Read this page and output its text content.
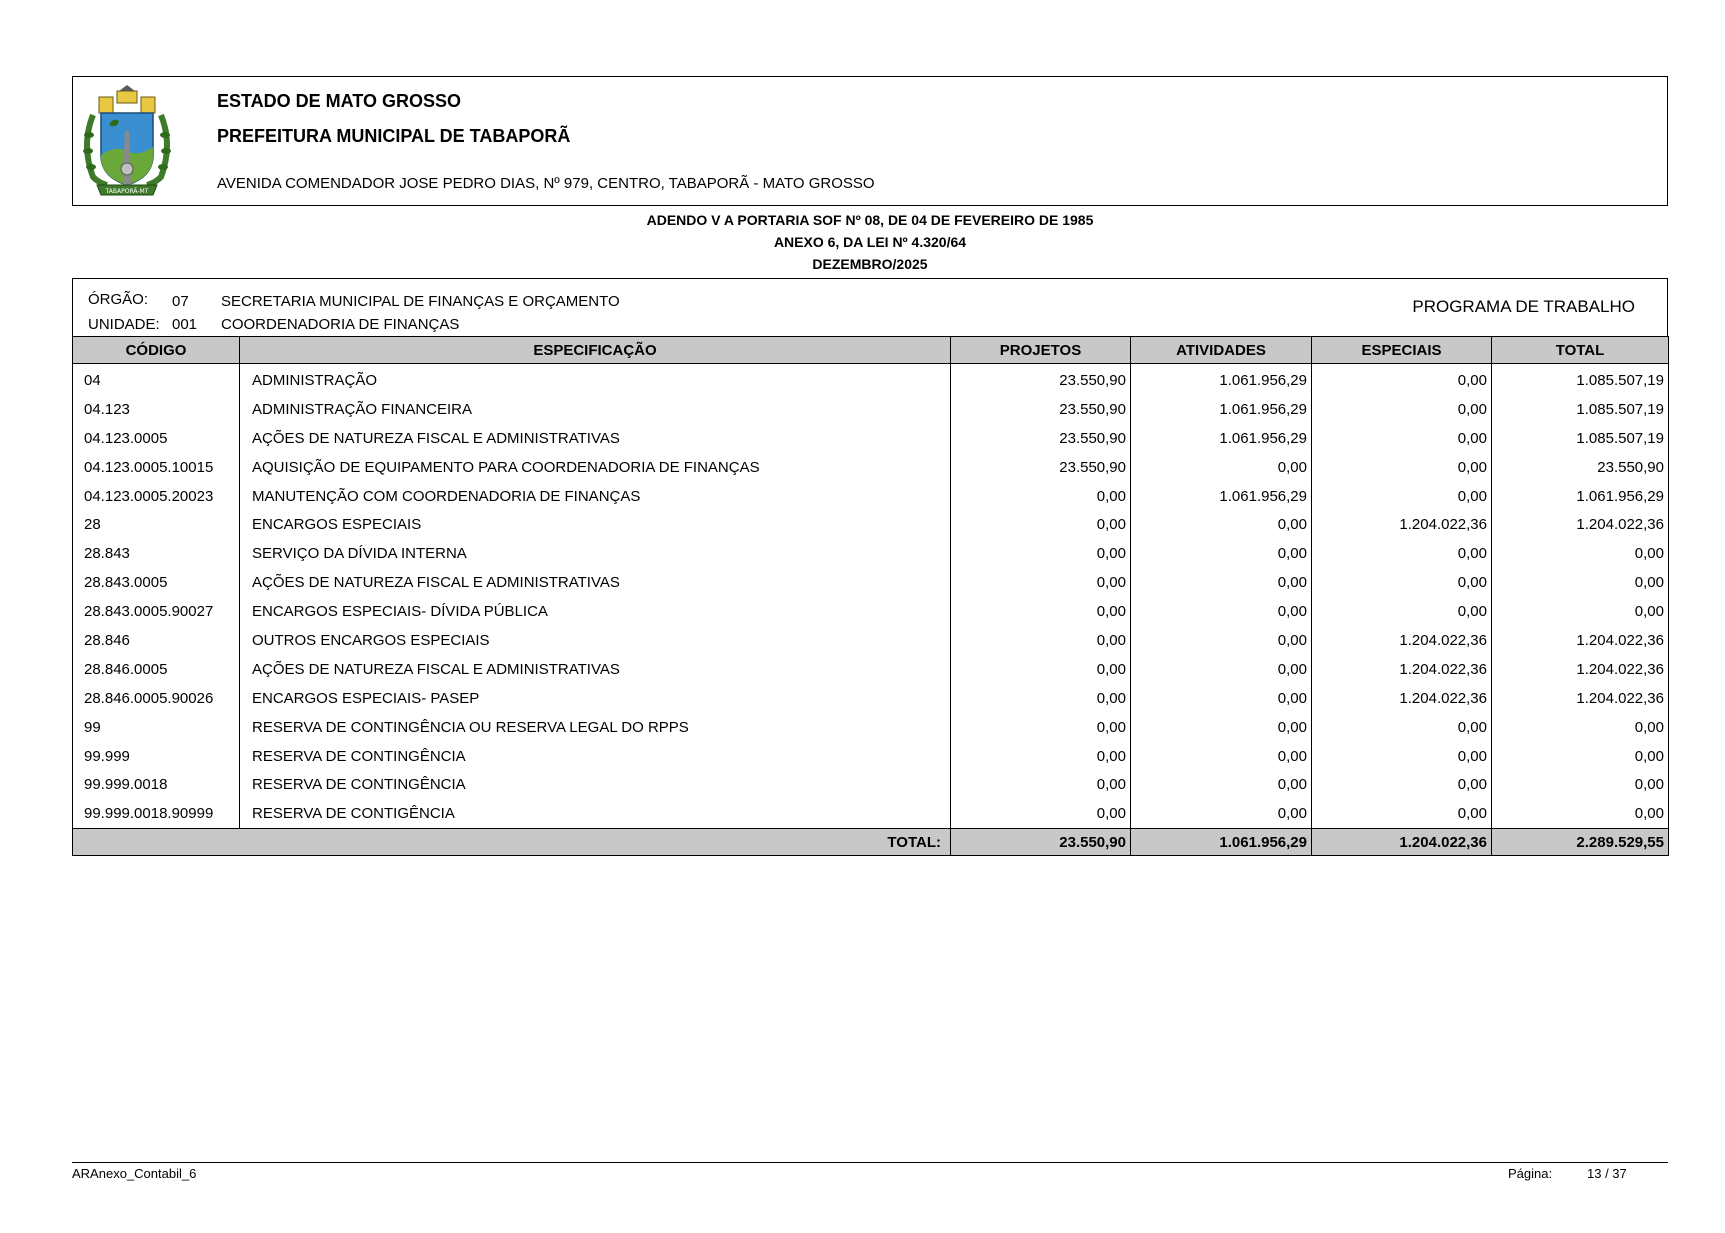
TABAPORÃ-MT
ESTADO DE MATO GROSSO
PREFEITURA MUNICIPAL DE TABAPORÃ
AVENIDA COMENDADOR JOSE PEDRO DIAS, Nº 979, CENTRO, TABAPORÃ - MATO GROSSO
ADENDO V A PORTARIA SOF Nº 08, DE 04 DE FEVEREIRO DE 1985
ANEXO 6, DA LEI Nº 4.320/64
DEZEMBRO/2025
ÓRGÃO: 07 SECRETARIA MUNICIPAL DE FINANÇAS E ORÇAMENTO
UNIDADE: 001 COORDENADORIA DE FINANÇAS
PROGRAMA DE TRABALHO
CÓDIGO	ESPECIFICAÇÃO	PROJETOS	ATIVIDADES	ESPECIAIS	TOTAL
04	ADMINISTRAÇÃO	23.550,90	1.061.956,29	0,00	1.085.507,19
04.123	ADMINISTRAÇÃO FINANCEIRA	23.550,90	1.061.956,29	0,00	1.085.507,19
04.123.0005	AÇÕES DE NATUREZA FISCAL E ADMINISTRATIVAS	23.550,90	1.061.956,29	0,00	1.085.507,19
04.123.0005.10015	AQUISIÇÃO DE EQUIPAMENTO PARA COORDENADORIA DE FINANÇAS	23.550,90	0,00	0,00	23.550,90
04.123.0005.20023	MANUTENÇÃO COM COORDENADORIA DE FINANÇAS	0,00	1.061.956,29	0,00	1.061.956,29
28	ENCARGOS ESPECIAIS	0,00	0,00	1.204.022,36	1.204.022,36
28.843	SERVIÇO DA DÍVIDA INTERNA	0,00	0,00	0,00	0,00
28.843.0005	AÇÕES DE NATUREZA FISCAL E ADMINISTRATIVAS	0,00	0,00	0,00	0,00
28.843.0005.90027	ENCARGOS ESPECIAIS- DÍVIDA PÚBLICA	0,00	0,00	0,00	0,00
28.846	OUTROS ENCARGOS ESPECIAIS	0,00	0,00	1.204.022,36	1.204.022,36
28.846.0005	AÇÕES DE NATUREZA FISCAL E ADMINISTRATIVAS	0,00	0,00	1.204.022,36	1.204.022,36
28.846.0005.90026	ENCARGOS ESPECIAIS- PASEP	0,00	0,00	1.204.022,36	1.204.022,36
99	RESERVA DE CONTINGÊNCIA OU RESERVA LEGAL DO RPPS	0,00	0,00	0,00	0,00
99.999	RESERVA DE CONTINGÊNCIA	0,00	0,00	0,00	0,00
99.999.0018	RESERVA DE CONTINGÊNCIA	0,00	0,00	0,00	0,00
99.999.0018.90999	RESERVA DE CONTIGÊNCIA	0,00	0,00	0,00	0,00
TOTAL:		23.550,90	1.061.956,29	1.204.022,36	2.289.529,55
ARAnexo_Contabil_6	Página:	13 / 37
